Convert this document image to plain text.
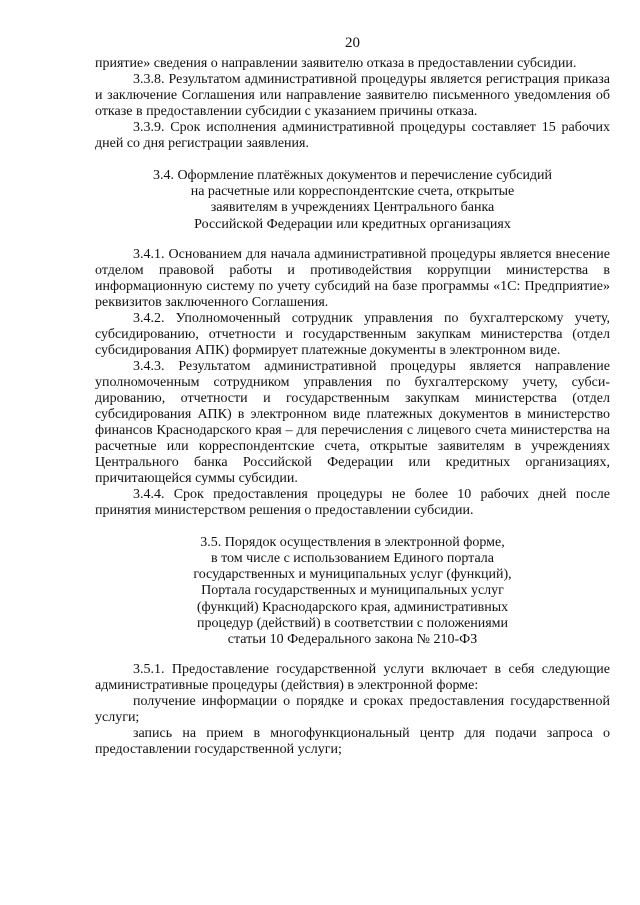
20

приятие» сведения о направлении заявителю отказа в предоставлении субсидии.

3.3.8. Результатом административной процедуры является регистрация приказа и заключение Соглашения или направление заявителю письменного уведомления об отказе в предоставлении субсидии с указанием причины отказа.

3.3.9. Срок исполнения административной процедуры составляет 15 рабочих дней со дня регистрации заявления.

3.4. Оформление платёжных документов и перечисление субсидий
на расчетные или корреспондентские счета, открытые
заявителям в учреждениях Центрального банка
Российской Федерации или кредитных организациях

3.4.1. Основанием для начала административной процедуры является внесение отделом правовой работы и противодействия коррупции министерства в информационную систему по учету субсидий на базе программы «1С: Предприятие» реквизитов заключенного Соглашения.

3.4.2. Уполномоченный сотрудник управления по бухгалтерскому учету, субсидированию, отчетности и государственным закупкам министерства (отдел субсидирования АПК) формирует платежные документы в электронном виде.

3.4.3. Результатом административной процедуры является направление уполномоченным сотрудником управления по бухгалтерскому учету, субсидированию, отчетности и государственным закупкам министерства (отдел субсидирования АПК) в электронном виде платежных документов в министерство финансов Краснодарского края – для перечисления с лицевого счета министерства на расчетные или корреспондентские счета, открытые заявителям в учреждениях Центрального банка Российской Федерации или кредитных организациях, причитающейся суммы субсидии.

3.4.4. Срок предоставления процедуры не более 10 рабочих дней после принятия министерством решения о предоставлении субсидии.

3.5. Порядок осуществления в электронной форме,
в том числе с использованием Единого портала
государственных и муниципальных услуг (функций),
Портала государственных и муниципальных услуг
(функций) Краснодарского края, административных
процедур (действий) в соответствии с положениями
статьи 10 Федерального закона № 210-ФЗ

3.5.1. Предоставление государственной услуги включает в себя следующие административные процедуры (действия) в электронной форме:

получение информации о порядке и сроках предоставления государственной услуги;

запись на прием в многофункциональный центр для подачи запроса о предоставлении государственной услуги;
